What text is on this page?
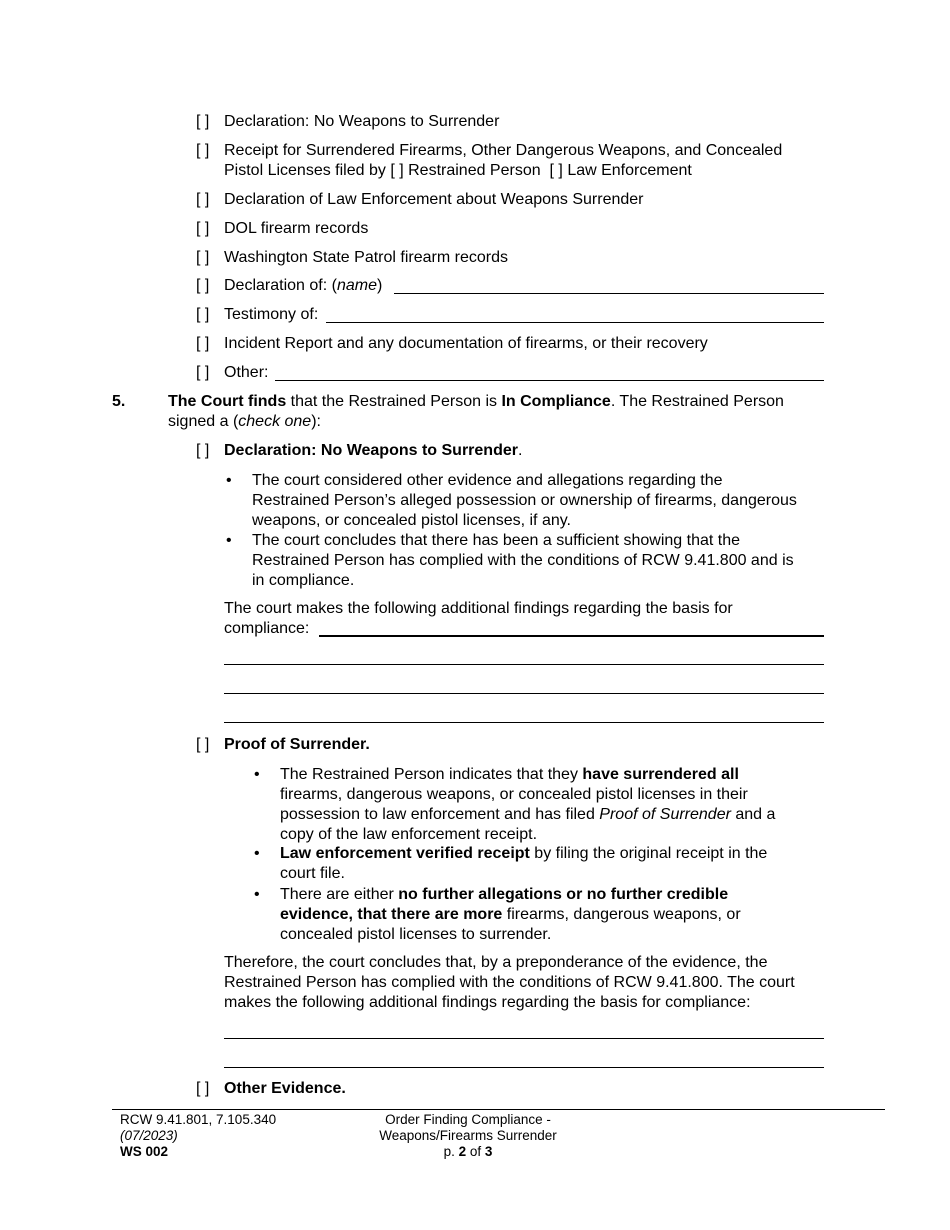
[ ] Declaration: No Weapons to Surrender
[ ] Receipt for Surrendered Firearms, Other Dangerous Weapons, and Concealed
Pistol Licenses filed by [ ] Restrained Person [ ] Law Enforcement
[ ] Declaration of Law Enforcement about Weapons Surrender
[ ] DOL firearm records
[ ] Washington State Patrol firearm records
[ ] Declaration of: (name)
[ ] Testimony of:
[ ] Incident Report and any documentation of firearms, or their recovery
[ ] Other:
5.	The Court finds that the Restrained Person is In Compliance. The Restrained Person
signed a (check one):
[ ] Declaration: No Weapons to Surrender.
• The court considered other evidence and allegations regarding the
Restrained Person’s alleged possession or ownership of firearms, dangerous
weapons, or concealed pistol licenses, if any.
• The court concludes that there has been a sufficient showing that the
Restrained Person has complied with the conditions of RCW 9.41.800 and is
in compliance.
The court makes the following additional findings regarding the basis for
compliance:
[ ] Proof of Surrender.
• The Restrained Person indicates that they have surrendered all
firearms, dangerous weapons, or concealed pistol licenses in their
possession to law enforcement and has filed Proof of Surrender and a
copy of the law enforcement receipt.
• Law enforcement verified receipt by filing the original receipt in the
court file.
• There are either no further allegations or no further credible
evidence, that there are more firearms, dangerous weapons, or
concealed pistol licenses to surrender.
Therefore, the court concludes that, by a preponderance of the evidence, the
Restrained Person has complied with the conditions of RCW 9.41.800. The court
makes the following additional findings regarding the basis for compliance:
[ ] Other Evidence.
RCW 9.41.801, 7.105.340
(07/2023)
WS 002
Order Finding Compliance -
Weapons/Firearms Surrender
p. 2 of 3
